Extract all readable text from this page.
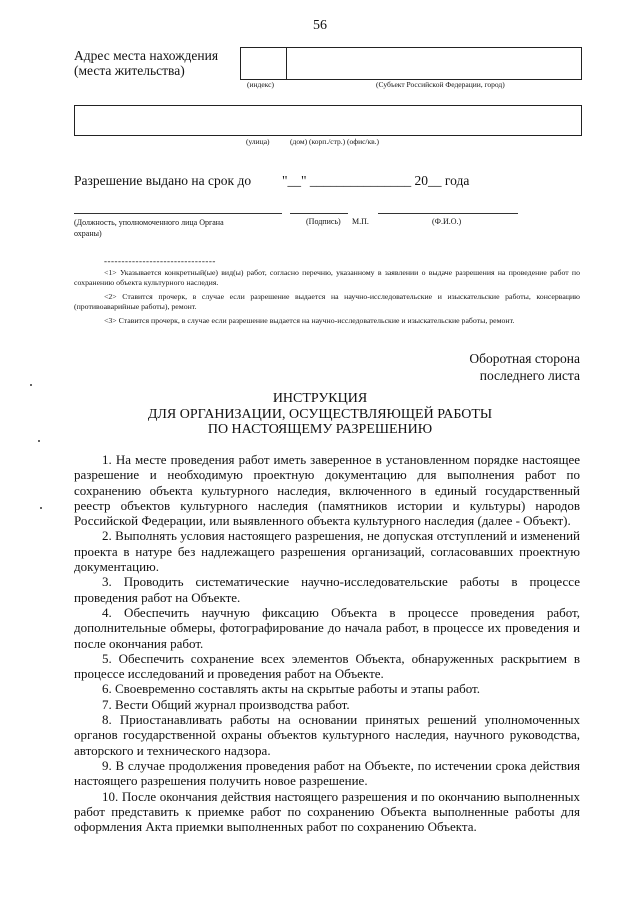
56
Адрес места нахождения (места жительства)
(индекс)	(Субъект Российской Федерации, город)
(улица)	(дом) (корп./стр.) (офис/кв.)
Разрешение выдано на срок до "__" _______________ 20__ года
(Должность, уполномоченного лица Органа охраны)
(Подпись) М.П.	(Ф.И.О.)
--------------------------------
<1> Указывается конкретный(ые) вид(ы) работ, согласно перечню, указанному в заявлении о выдаче разрешения на проведение работ по сохранению объекта культурного наследия.
<2> Ставится прочерк, в случае если разрешение выдается на научно-исследовательские и изыскательские работы, консервацию (противоаварийные работы), ремонт.
<3> Ставится прочерк, в случае если разрешение выдается на научно-исследовательские и изыскательские работы, ремонт.
Оборотная сторона
последнего листа
ИНСТРУКЦИЯ
ДЛЯ ОРГАНИЗАЦИИ, ОСУЩЕСТВЛЯЮЩЕЙ РАБОТЫ
ПО НАСТОЯЩЕМУ РАЗРЕШЕНИЮ

1. На месте проведения работ иметь заверенное в установленном порядке настоящее разрешение и необходимую проектную документацию для выполнения работ по сохранению объекта культурного наследия, включенного в единый государственный реестр объектов культурного наследия (памятников истории и культуры) народов Российской Федерации, или выявленного объекта культурного наследия (далее - Объект).

2. Выполнять условия настоящего разрешения, не допуская отступлений и изменений проекта в натуре без надлежащего разрешения организаций, согласовавших проектную документацию.

3. Проводить систематические научно-исследовательские работы в процессе проведения работ на Объекте.

4. Обеспечить научную фиксацию Объекта в процессе проведения работ, дополнительные обмеры, фотографирование до начала работ, в процессе их проведения и после окончания работ.

5. Обеспечить сохранение всех элементов Объекта, обнаруженных раскрытием в процессе исследований и проведения работ на Объекте.

6. Своевременно составлять акты на скрытые работы и этапы работ.

7. Вести Общий журнал производства работ.

8. Приостанавливать работы на основании принятых решений уполномоченных органов государственной охраны объектов культурного наследия, научного руководства, авторского и технического надзора.

9. В случае продолжения проведения работ на Объекте, по истечении срока действия настоящего разрешения получить новое разрешение.

10. После окончания действия настоящего разрешения и по окончанию выполненных работ представить к приемке работ по сохранению Объекта выполненные работы для оформления Акта приемки выполненных работ по сохранению Объекта.
